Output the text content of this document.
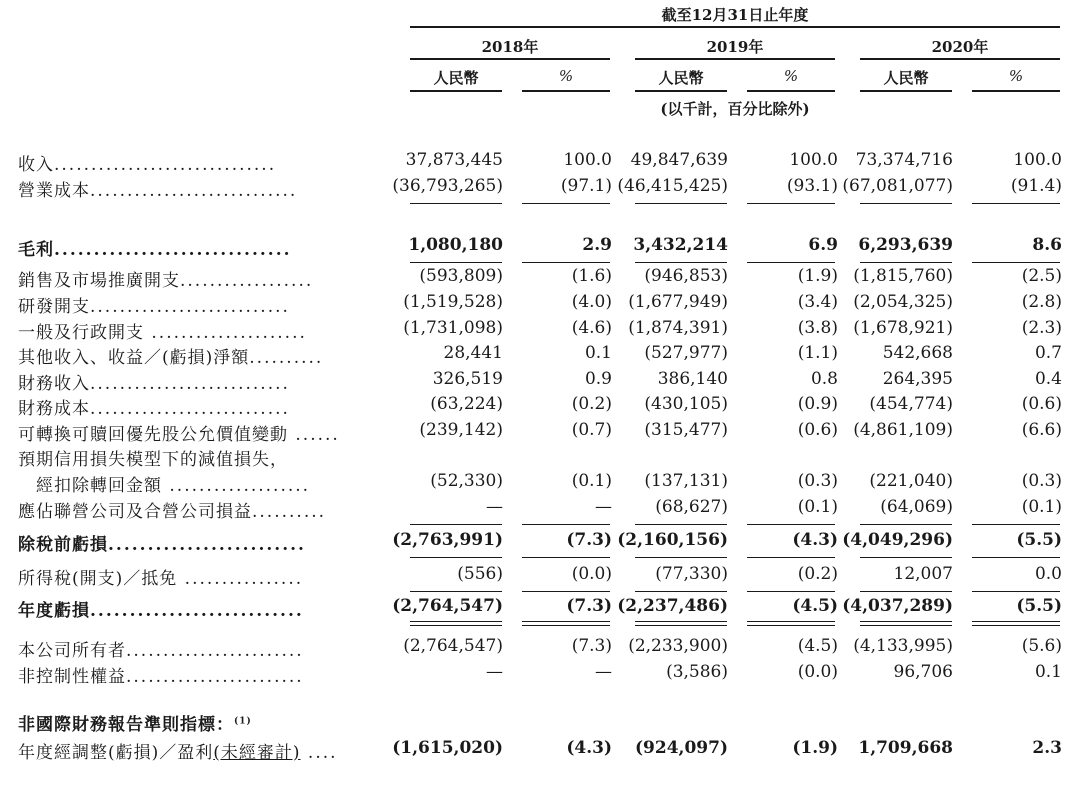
截至12月31日止年度
2018年	2019年	2020年
人民幣	%	人民幣	%	人民幣	%
(以千計，百分比除外)
收入..............................	37,873,445	100.0 49,847,639	100.0 73,374,716	100.0
營業成本............................	(36,793,265)	(97.1) (46,415,425)	(93.1) (67,081,077)	(91.4)
毛利..............................	1,080,180	2.9 3,432,214	6.9 6,293,639	8.6
銷售及市場推廣開支..................	(593,809)	(1.6) (946,853)	(1.9) (1,815,760)	(2.5)
研發開支...........................	(1,519,528)	(4.0) (1,677,949)	(3.4) (2,054,325)	(2.8)
一般及行政開支 .....................	(1,731,098)	(4.6) (1,874,391)	(3.8) (1,678,921)	(2.3)
其他收入、收益／(虧損)淨額..........	28,441	0.1 (527,977)	(1.1)	542,668	0.7
財務收入...........................	326,519	0.9	386,140	0.8	264,395	0.4
財務成本...........................	(63,224)	(0.2) (430,105)	(0.9) (454,774)	(0.6)
可轉換可贖回優先股公允價值變動 ......	(239,142)	(0.7) (315,477)	(0.6) (4,861,109)	(6.6)
預期信用損失模型下的減值損失，
　經扣除轉回金額 ...................	(52,330)	(0.1) (137,131)	(0.3) (221,040)	(0.3)
應佔聯營公司及合營公司損益..........	—	—	(68,627)	(0.1) (64,069)	(0.1)
除稅前虧損.........................	(2,763,991)	(7.3) (2,160,156)	(4.3) (4,049,296)	(5.5)
所得稅(開支)／抵免 ................	(556)	(0.0)	(77,330)	(0.2)	12,007	0.0
年度虧損...........................	(2,764,547)	(7.3) (2,237,486)	(4.5) (4,037,289)	(5.5)
本公司所有者........................	(2,764,547)	(7.3) (2,233,900)	(4.5) (4,133,995)	(5.6)
非控制性權益........................	—	—	(3,586)	(0.0)	96,706	0.1
非國際財務報告準則指標：$^{(1)}$
年度經調整(虧損)／盈利(未經審計) ....	(1,615,020)	(4.3) (924,097)	(1.9) 1,709,668	2.3
